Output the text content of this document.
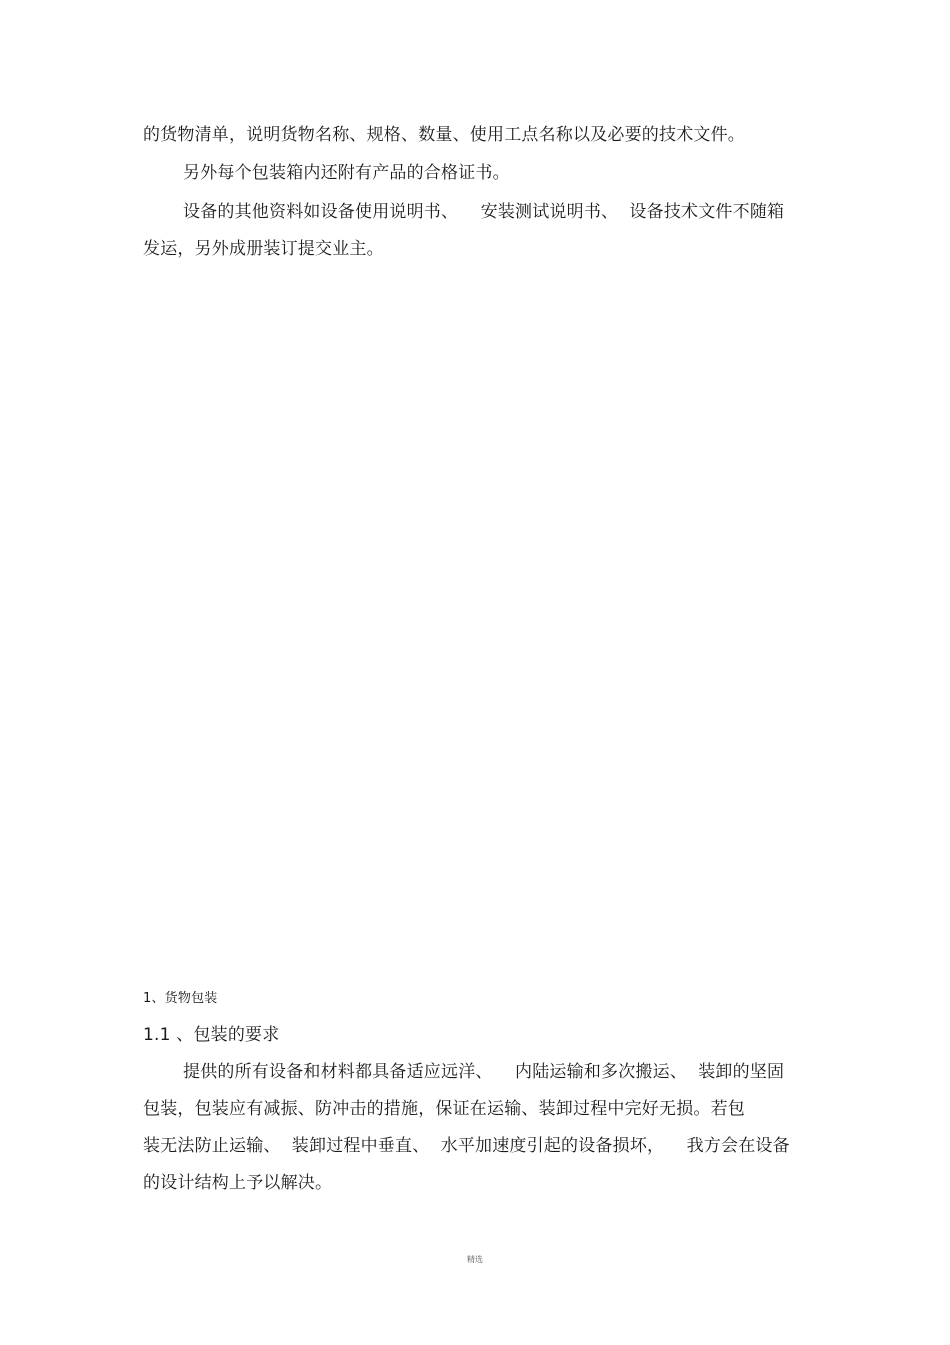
的货物清单，说明货物名称、规格、数量、使用工点名称以及必要的技术文件。
另外每个包装箱内还附有产品的合格证书。
设备的其他资料如设备使用说明书、    安装测试说明书、  设备技术文件不随箱
发运，另外成册装订提交业主。
1、货物包装
1.1 、包装的要求
提供的所有设备和材料都具备适应远洋、    内陆运输和多次搬运、  装卸的坚固
包装，包装应有减振、防冲击的措施，保证在运输、装卸过程中完好无损。若包
装无法防止运输、  装卸过程中垂直、  水平加速度引起的设备损坏，    我方会在设备
的设计结构上予以解决。
精选
